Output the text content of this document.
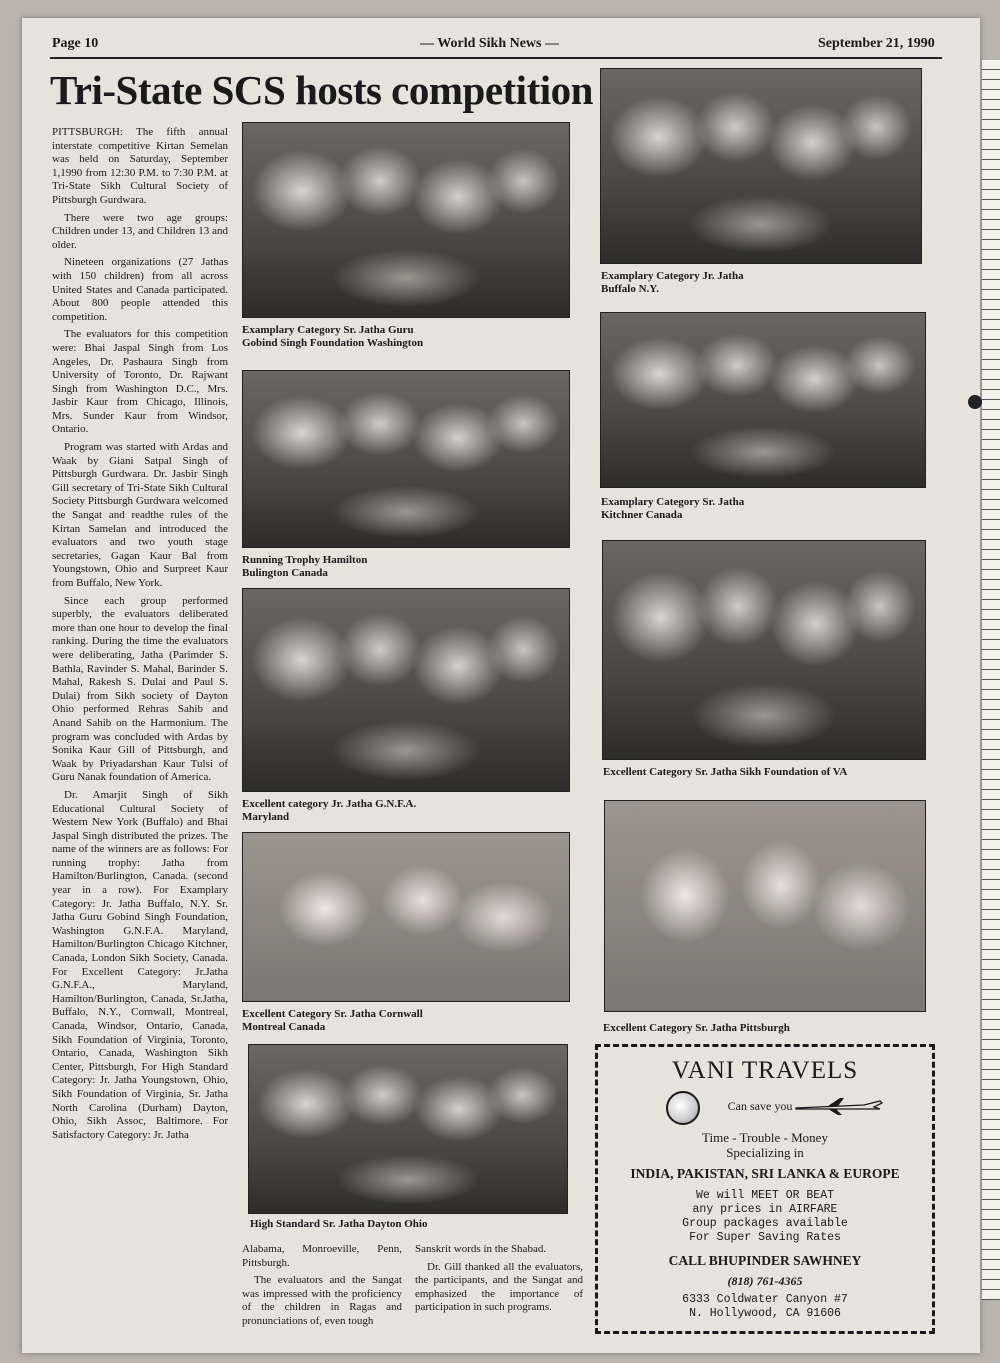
Page 10	— World Sikh News —	September 21, 1990
Tri-State SCS hosts competition

PITTSBURGH: The fifth annual interstate competitive Kirtan Semelan was held on Saturday, September 1,1990 from 12:30 P.M. to 7:30 P.M. at Tri-State Sikh Cultural Society of Pittsburgh Gurdwara.

There were two age groups: Children under 13, and Children 13 and older.

Nineteen organizations (27 Jathas with 150 children) from all across United States and Canada participated. About 800 people attended this competition.

The evaluators for this competition were: Bhai Jaspal Singh from Los Angeles, Dr. Pashaura Singh from University of Toronto, Dr. Rajwant Singh from Washington D.C., Mrs. Jasbir Kaur from Chicago, Illinois, Mrs. Sunder Kaur from Windsor, Ontario.

Program was started with Ardas and Waak by Giani Satpal Singh of Pittsburgh Gurdwara. Dr. Jasbir Singh Gill secretary of Tri-State Sikh Cultural Society Pittsburgh Gurdwara welcomed the Sangat and readthe rules of the Kirtan Samelan and introduced the evaluators and two youth stage secretaries, Gagan Kaur Bal from Youngstown, Ohio and Surpreet Kaur from Buffalo, New York.

Since each group performed superbly, the evaluators deliberated more than one hour to develop the final ranking. During the time the evaluators were deliberating, Jatha (Parimder S. Bathla, Ravinder S. Mahal, Barinder S. Mahal, Rakesh S. Dulai and Paul S. Dulai) from Sikh society of Dayton Ohio performed Rehras Sahib and Anand Sahib on the Harmonium. The program was concluded with Ardas by Sonika Kaur Gill of Pittsburgh, and Waak by Priyadarshan Kaur Tulsi of Guru Nanak foundation of America.

Dr. Amarjit Singh of Sikh Educational Cultural Society of Western New York (Buffalo) and Bhai Jaspal Singh distributed the prizes. The name of the winners are as follows: For running trophy: Jatha from Hamilton/Burlington, Canada. (second year in a row). For Examplary Category: Jr. Jatha Buffalo, N.Y. Sr. Jatha Guru Gobind Singh Foundation, Washington G.N.F.A. Maryland, Hamilton/Burlington Chicago Kitchner, Canada, London Sikh Society, Canada. For Excellent Category: Jr.Jatha G.N.F.A., Maryland, Hamilton/Burlington, Canada, Sr.Jatha, Buffalo, N.Y., Cornwall, Montreal, Canada, Windsor, Ontario, Canada, Sikh Foundation of Virginia, Toronto, Ontario, Canada, Washington Sikh Center, Pittsburgh, For High Standard Category: Jr. Jatha Youngstown, Ohio, Sikh Foundation of Virginia, Sr. Jatha North Carolina (Durham) Dayton, Ohio, Sikh Assoc, Baltimore. For Satisfactory Category: Jr. Jatha

Examplary Category Sr. Jatha Guru Gobind Singh Foundation Washington
Running Trophy Hamilton Bulington Canada
Excellent category Jr. Jatha G.N.F.A. Maryland
Excellent Category Sr. Jatha Cornwall Montreal Canada
High Standard Sr. Jatha Dayton Ohio

Alabama, Monroeville, Penn, Pittsburgh.

The evaluators and the Sangat was impressed with the proficiency of the children in Ragas and pronunciations of, even tough

Sanskrit words in the Shabad.

Dr. Gill thanked all the evaluators, the participants, and the Sangat and emphasized the importance of participation in such programs.

Examplary Category Jr. Jatha Buffalo N.Y.
Examplary Category Sr. Jatha Kitchner Canada
Excellent Category Sr. Jatha Sikh Foundation of VA
Excellent Category Sr. Jatha Pittsburgh
VANI TRAVELS
Can save you
Time - Trouble - Money
Specializing in
INDIA, PAKISTAN, SRI LANKA & EUROPE
We will MEET OR BEAT
any prices in AIRFARE
Group packages available
For Super Saving Rates
CALL BHUPINDER SAWHNEY
(818) 761-4365
6333 Coldwater Canyon #7
N. Hollywood, CA 91606
